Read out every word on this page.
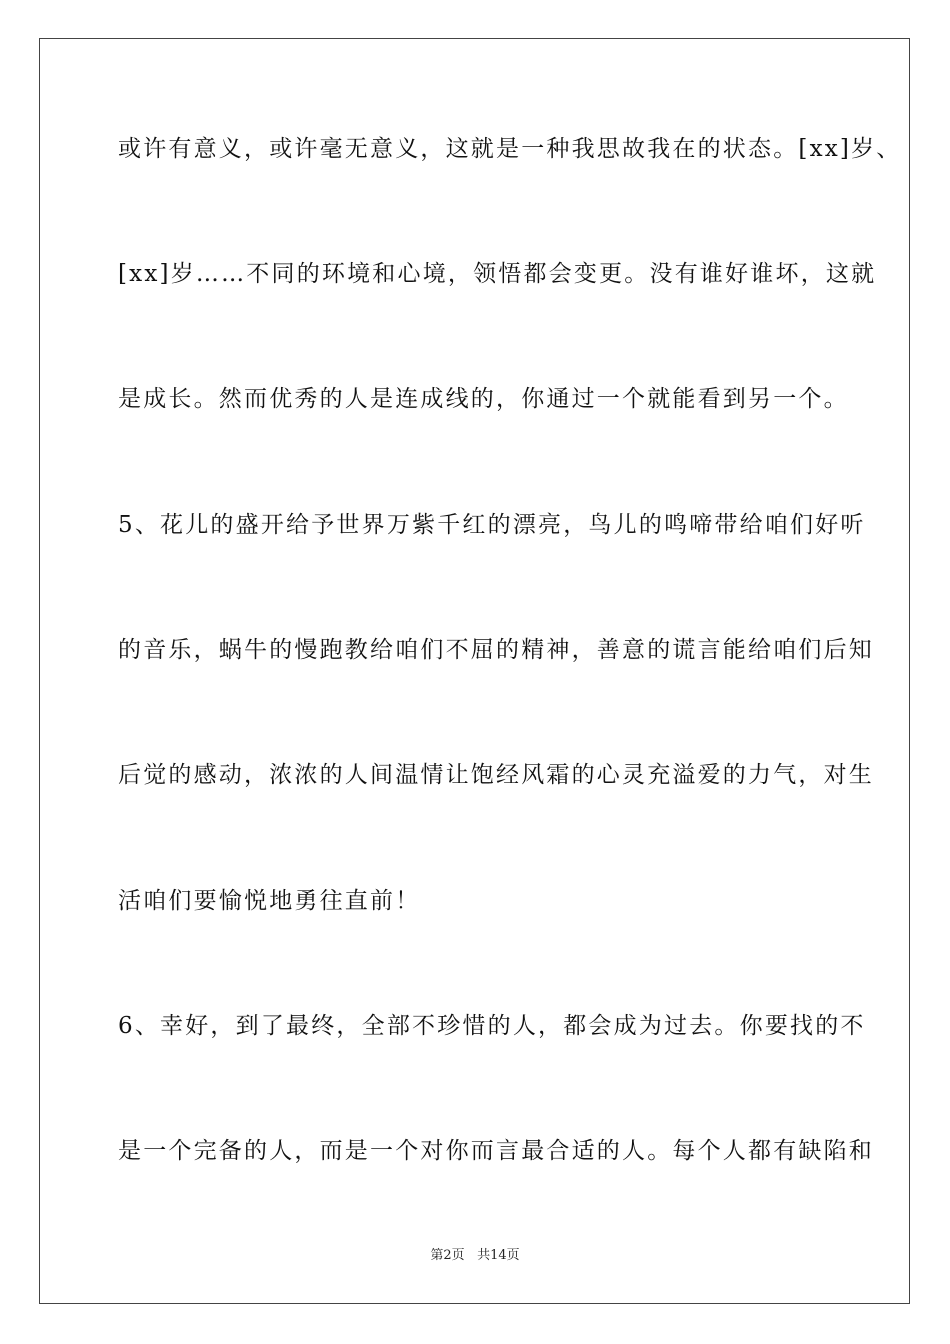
或许有意义，或许毫无意义，这就是一种我思故我在的状态。[xx]岁、
[xx]岁……不同的环境和心境，领悟都会变更。没有谁好谁坏，这就
是成长。然而优秀的人是连成线的，你通过一个就能看到另一个。
5、花儿的盛开给予世界万紫千红的漂亮，鸟儿的鸣啼带给咱们好听
的音乐，蜗牛的慢跑教给咱们不屈的精神，善意的谎言能给咱们后知
后觉的感动，浓浓的人间温情让饱经风霜的心灵充溢爱的力气，对生
活咱们要愉悦地勇往直前！
6、幸好，到了最终，全部不珍惜的人，都会成为过去。你要找的不
是一个完备的人，而是一个对你而言最合适的人。每个人都有缺陷和
第2页 共14页
